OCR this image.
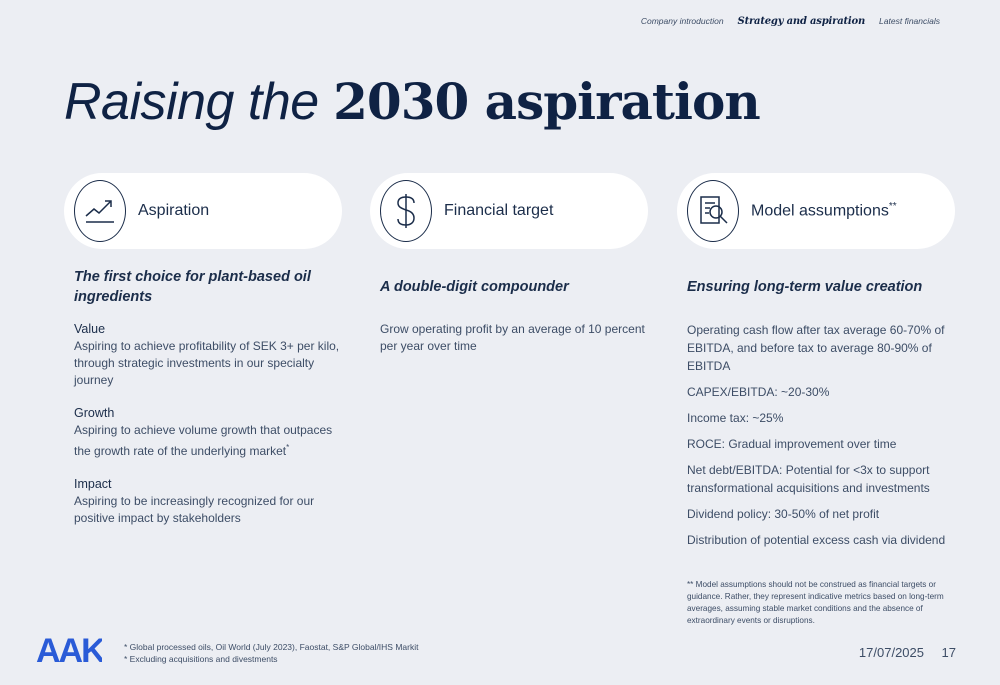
Company introduction Strategy and aspiration Latest financials
Raising the 2030 aspiration
Aspiration
The first choice for plant-based oil ingredients
Value
Aspiring to achieve profitability of SEK 3+ per kilo, through strategic investments in our specialty journey
Growth
Aspiring to achieve volume growth that outpaces the growth rate of the underlying market*
Impact
Aspiring to be increasingly recognized for our positive impact by stakeholders
Financial target
A double-digit compounder
Grow operating profit by an average of 10 percent per year over time
Model assumptions**
Ensuring long-term value creation
Operating cash flow after tax average 60-70% of EBITDA, and before tax to average 80-90% of EBITDA
CAPEX/EBITDA: ~20-30%
Income tax: ~25%
ROCE: Gradual improvement over time
Net debt/EBITDA: Potential for <3x to support transformational acquisitions and investments
Dividend policy: 30-50% of net profit
Distribution of potential excess cash via dividend
** Model assumptions should not be construed as financial targets or guidance. Rather, they represent indicative metrics based on long-term averages, assuming stable market conditions and the absence of extraordinary events or disruptions.
AAK * Global processed oils, Oil World (July 2023), Faostat, S&P Global/IHS Markit
* Excluding acquisitions and divestments	17/07/2025 17
